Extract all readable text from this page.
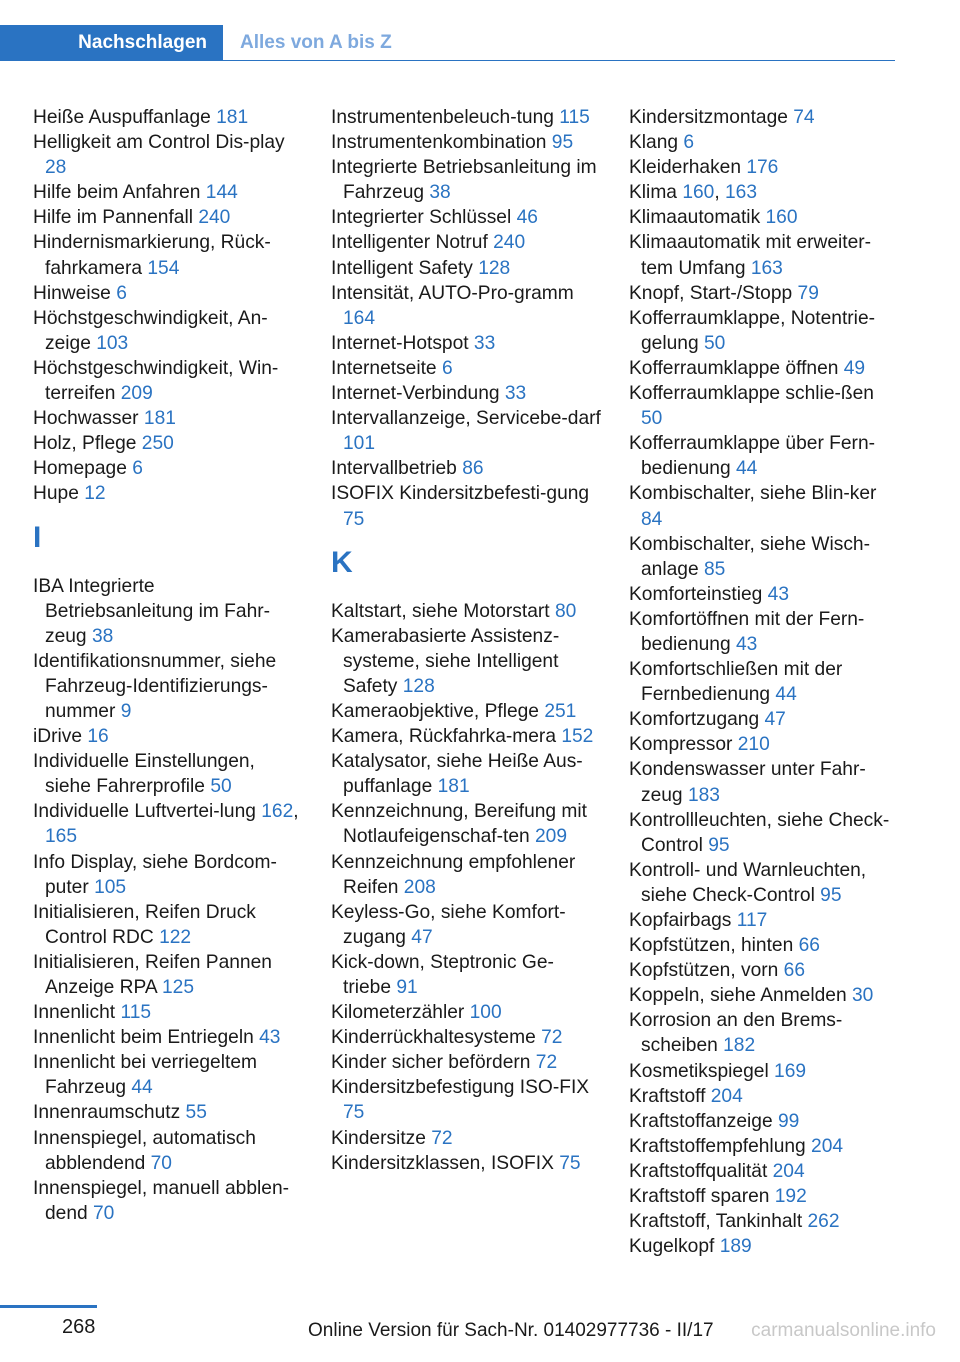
Nachschlagen Alles von A bis Z

Heiße Auspuffanlage 181

Helligkeit am Control Dis-play 28

Hilfe beim Anfahren 144

Hilfe im Pannenfall 240

Hindernismarkierung, Rück-fahrkamera 154

Hinweise 6

Höchstgeschwindigkeit, An-zeige 103

Höchstgeschwindigkeit, Win-terreifen 209

Hochwasser 181

Holz, Pflege 250

Homepage 6

Hupe 12

I

IBA Integrierte Betriebsanleitung im Fahr-zeug 38

Identifikationsnummer, siehe Fahrzeug-Identifizierungs-nummer 9

iDrive 16

Individuelle Einstellungen, siehe Fahrerprofile 50

Individuelle Luftvertei-lung 162, 165

Info Display, siehe Bordcom-puter 105

Initialisieren, Reifen Druck Control RDC 122

Initialisieren, Reifen Pannen Anzeige RPA 125

Innenlicht 115

Innenlicht beim Entriegeln 43

Innenlicht bei verriegeltem Fahrzeug 44

Innenraumschutz 55

Innenspiegel, automatisch abblendend 70

Innenspiegel, manuell abblen-dend 70

Instrumentenbeleuch-tung 115

Instrumentenkombination 95

Integrierte Betriebsanleitung im Fahrzeug 38

Integrierter Schlüssel 46

Intelligenter Notruf 240

Intelligent Safety 128

Intensität, AUTO-Pro-gramm 164

Internet-Hotspot 33

Internetseite 6

Internet-Verbindung 33

Intervallanzeige, Servicebe-darf 101

Intervallbetrieb 86

ISOFIX Kindersitzbefesti-gung 75

K

Kaltstart, siehe Motorstart 80

Kamerabasierte Assistenz-systeme, siehe Intelligent Safety 128

Kameraobjektive, Pflege 251

Kamera, Rückfahrka-mera 152

Katalysator, siehe Heiße Aus-puffanlage 181

Kennzeichnung, Bereifung mit Notlaufeigenschaf-ten 209

Kennzeichnung empfohlener Reifen 208

Keyless-Go, siehe Komfort-zugang 47

Kick-down, Steptronic Ge-triebe 91

Kilometerzähler 100

Kinderrückhaltesysteme 72

Kinder sicher befördern 72

Kindersitzbefestigung ISO-FIX 75

Kindersitze 72

Kindersitzklassen, ISOFIX 75

Kindersitzmontage 74

Klang 6

Kleiderhaken 176

Klima 160, 163

Klimaautomatik 160

Klimaautomatik mit erweiter-tem Umfang 163

Knopf, Start-/Stopp 79

Kofferraumklappe, Notentrie-gelung 50

Kofferraumklappe öffnen 49

Kofferraumklappe schlie-ßen 50

Kofferraumklappe über Fern-bedienung 44

Kombischalter, siehe Blin-ker 84

Kombischalter, siehe Wisch-anlage 85

Komforteinstieg 43

Komfortöffnen mit der Fern-bedienung 43

Komfortschließen mit der Fernbedienung 44

Komfortzugang 47

Kompressor 210

Kondenswasser unter Fahr-zeug 183

Kontrollleuchten, siehe Check-Control 95

Kontroll- und Warnleuchten, siehe Check-Control 95

Kopfairbags 117

Kopfstützen, hinten 66

Kopfstützen, vorn 66

Koppeln, siehe Anmelden 30

Korrosion an den Brems-scheiben 182

Kosmetikspiegel 169

Kraftstoff 204

Kraftstoffanzeige 99

Kraftstoffempfehlung 204

Kraftstoffqualität 204

Kraftstoff sparen 192

Kraftstoff, Tankinhalt 262

Kugelkopf 189

268	Online Version für Sach-Nr. 01402977736 - II/17 carmanualsonline.info
